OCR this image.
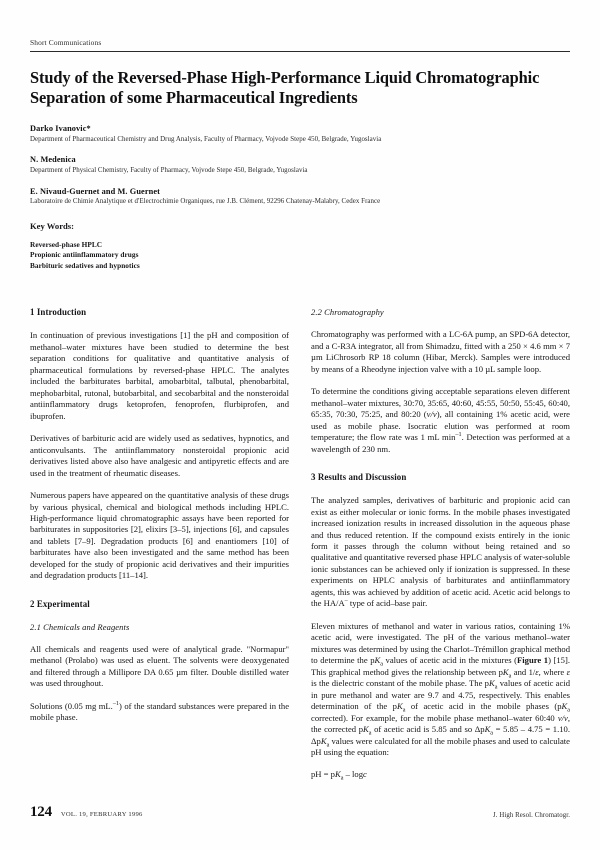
Short Communications
Study of the Reversed-Phase High-Performance Liquid Chromatographic Separation of some Pharmaceutical Ingredients
Darko Ivanovic*
Department of Pharmaceutical Chemistry and Drug Analysis, Faculty of Pharmacy, Vojvode Stepe 450, Belgrade, Yugoslavia
N. Medenica
Department of Physical Chemistry, Faculty of Pharmacy, Vojvode Stepe 450, Belgrade, Yugoslavia
E. Nivaud-Guernet and M. Guernet
Laboratoire de Chimie Analytique et d'Electrochimie Organiques, rue J.B. Clément, 92296 Chatenay-Malabry, Cedex France
Key Words:
Reversed-phase HPLC
Propionic antiinflammatory drugs
Barbituric sedatives and hypnotics
1 Introduction

In continuation of previous investigations [1] the pH and composition of methanol–water mixtures have been studied to determine the best separation conditions for qualitative and quantitative analysis of pharmaceutical formulations by reversed-phase HPLC. The analytes included the barbiturates barbital, amobarbital, talbutal, phenobarbital, mephobarbital, rutonal, butobarbital, and secobarbital and the nonsteroidal antiinflammatory drugs ketoprofen, fenoprofen, flurbiprofen, and ibuprofen.

Derivatives of barbituric acid are widely used as sedatives, hypnotics, and anticonvulsants. The antiinflammatory nonsteroidal propionic acid derivatives listed above also have analgesic and antipyretic effects and are used in the treatment of rheumatic diseases.

Numerous papers have appeared on the quantitative analysis of these drugs by various physical, chemical and biological methods including HPLC. High-performance liquid chromatographic assays have been reported for barbiturates in suppositories [2], elixirs [3–5], injections [6], and capsules and tablets [7–9]. Degradation products [6] and enantiomers [10] of barbiturates have also been investigated and the same method has been developed for the study of propionic acid derivatives and their impurities and degradation products [11–14].

2 Experimental
2.1 Chemicals and Reagents

All chemicals and reagents used were of analytical grade. "Normapur" methanol (Prolabo) was used as eluent. The solvents were deoxygenated and filtered through a Millipore DA 0.65 µm filter. Double distilled water was used throughout.

Solutions (0.05 mg mL.$^{-1}$) of the standard substances were prepared in the mobile phase.

2.2 Chromatography

Chromatography was performed with a LC-6A pump, an SPD-6A detector, and a C-R3A integrator, all from Shimadzu, fitted with a 250 × 4.6 mm × 7 µm LiChrosorb RP 18 column (Hibar, Merck). Samples were introduced by means of a Rheodyne injection valve with a 10 µL sample loop.

To determine the conditions giving acceptable separations eleven different methanol–water mixtures, 30:70, 35:65, 40:60, 45:55, 50:50, 55:45, 60:40, 65:35, 70:30, 75:25, and 80:20 (v/v), all containing 1% acetic acid, were used as mobile phase. Isocratic elution was performed at room temperature; the flow rate was 1 mL $\min^{-1}$. Detection was performed at a wavelength of 230 nm.

3 Results and Discussion

The analyzed samples, derivatives of barbituric and propionic acid can exist as either molecular or ionic forms. In the mobile phases investigated increased ionization results in increased dissolution in the aqueous phase and thus reduced retention. If the compound exists entirely in the ionic form it passes through the column without being retained and so qualitative and quantitative reversed phase HPLC analysis of water-soluble ionic substances can be achieved only if ionization is suppressed. In these experiments on HPLC analysis of barbiturates and antiinflammatory agents, this was achieved by addition of acetic acid. Acetic acid belongs to the HA/A– type of acid–base pair.

Eleven mixtures of methanol and water in various ratios, containing 1% acetic acid, were investigated. The pH of the various methanol–water mixtures was determined by using the Charlot–Trémillon graphical method to determine the $pK_a$ values of acetic acid in the mixtures (Figure 1) [15]. This graphical method gives the relationship between $pK_a$ and 1/ε, where ε is the dielectric constant of the mobile phase. The $pK_a$ values of acetic acid in pure methanol and water are 9.7 and 4.75, respectively. This enables determination of the $pK_a$ of acetic acid in the mobile phases ($pK_a$ corrected). For example, for the mobile phase methanol–water 60:40 v/v, the corrected $pK_a$ of acetic acid is 5.85 and so ΔpK$_a$ = 5.85 – 4.75 = 1.10. ΔpK$_a$ values were calculated for all the mobile phases and used to calculate pH using the equation:

pH = $pK_a$ – logc

124 VOL. 19, FEBRUARY 1996	J. High Resol. Chromatogr.
